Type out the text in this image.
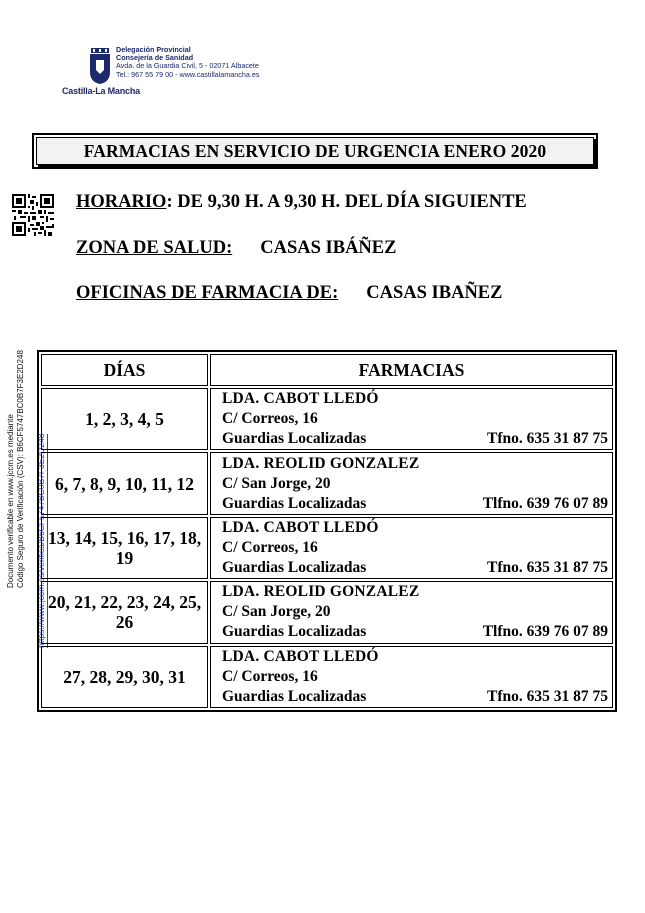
Castilla-La Mancha
Delegación Provincial
Consejería de Sanidad
Avda. de la Guardia Civil, 5 - 02071 Albacete
Tel.: 967 55 79 00 - www.castillalamancha.es
FARMACIAS EN SERVICIO DE URGENCIA ENERO 2020
HORARIO: DE 9,30 H. A 9,30 H. DEL DÍA SIGUIENTE
ZONA DE SALUD: CASAS IBÁÑEZ
OFICINAS DE FARMACIA DE: CASAS IBAÑEZ
Documento verificable en www.jccm.es mediante Código Seguro de Verificación (CSV): B6CF5747BC0B7F3E2D248 https://www.jccm.es/verifica/B6CF5747BC0B7F3E2D248
DÍAS	FARMACIAS
1, 2, 3, 4, 5	LDA. CABOT LLEDÓ
C/ Correos, 16
Guardias Localizadas Tfno. 635 31 87 75

6, 7, 8, 9, 10, 11, 12	LDA. REOLID GONZALEZ
C/ San Jorge, 20
Guardias Localizadas Tlfno. 639 76 07 89

13, 14, 15, 16, 17, 18, 19	LDA. CABOT LLEDÓ
C/ Correos, 16
Guardias Localizadas Tfno. 635 31 87 75

20, 21, 22, 23, 24, 25, 26	LDA. REOLID GONZALEZ
C/ San Jorge, 20
Guardias Localizadas Tlfno. 639 76 07 89

27, 28, 29, 30, 31	LDA. CABOT LLEDÓ
C/ Correos, 16
Guardias Localizadas Tfno. 635 31 87 75
